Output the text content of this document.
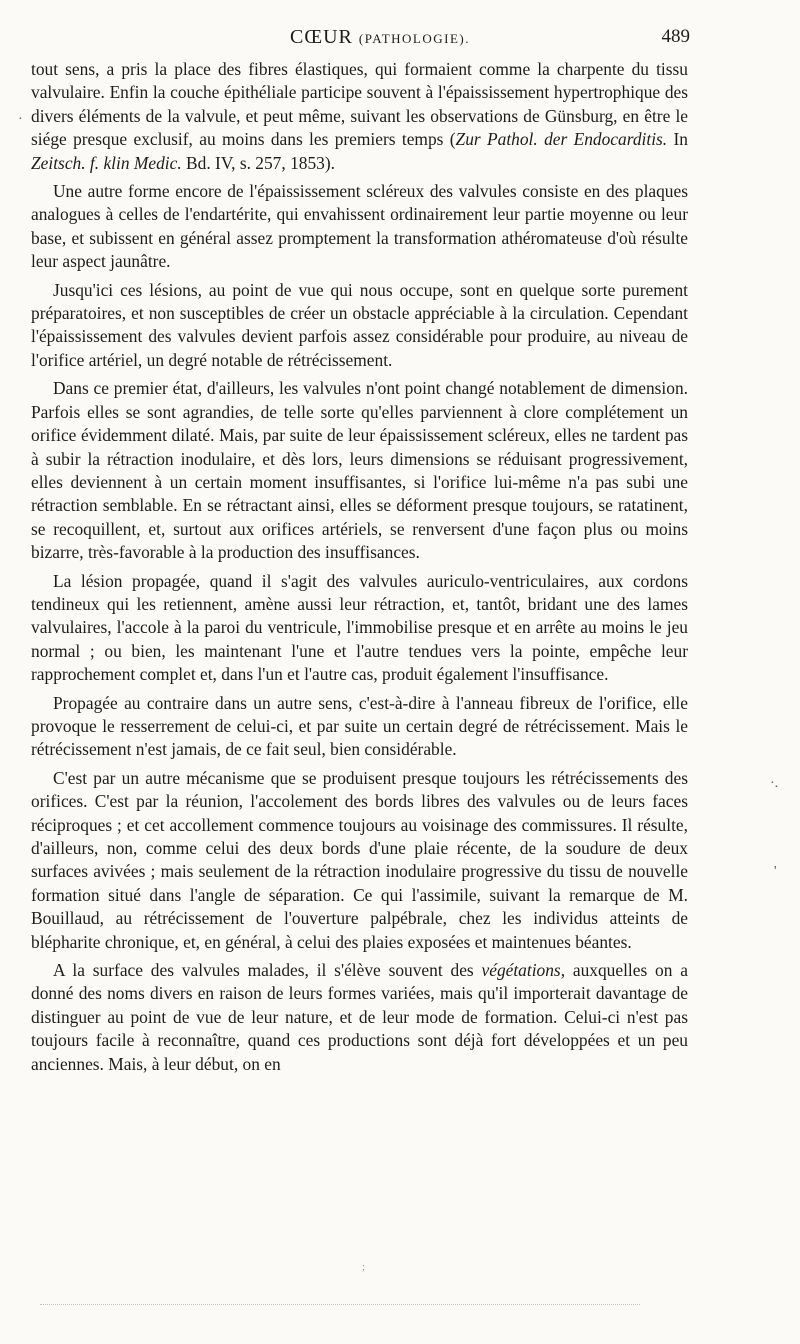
CŒUR (PATHOLOGIE).	489

tout sens, a pris la place des fibres élastiques, qui formaient comme la charpente du tissu valvulaire. Enfin la couche épithéliale participe souvent à l'épaississement hypertrophique des divers éléments de la valvule, et peut même, suivant les observations de Günsburg, en être le siége presque exclusif, au moins dans les premiers temps (Zur Pathol. der Endocarditis. In Zeitsch. f. klin Medic. Bd. IV, s. 257, 1853).

Une autre forme encore de l'épaississement scléreux des valvules consiste en des plaques analogues à celles de l'endartérite, qui envahissent ordinairement leur partie moyenne ou leur base, et subissent en général assez promptement la transformation athéromateuse d'où résulte leur aspect jaunâtre.

Jusqu'ici ces lésions, au point de vue qui nous occupe, sont en quelque sorte purement préparatoires, et non susceptibles de créer un obstacle appréciable à la circulation. Cependant l'épaississement des valvules devient parfois assez considérable pour produire, au niveau de l'orifice artériel, un degré notable de rétrécissement.

Dans ce premier état, d'ailleurs, les valvules n'ont point changé notablement de dimension. Parfois elles se sont agrandies, de telle sorte qu'elles parviennent à clore complétement un orifice évidemment dilaté. Mais, par suite de leur épaississement scléreux, elles ne tardent pas à subir la rétraction inodulaire, et dès lors, leurs dimensions se réduisant progressivement, elles deviennent à un certain moment insuffisantes, si l'orifice lui-même n'a pas subi une rétraction semblable. En se rétractant ainsi, elles se déforment presque toujours, se ratatinent, se recoquillent, et, surtout aux orifices artériels, se renversent d'une façon plus ou moins bizarre, très-favorable à la production des insuffisances.

La lésion propagée, quand il s'agit des valvules auriculo-ventriculaires, aux cordons tendineux qui les retiennent, amène aussi leur rétraction, et, tantôt, bridant une des lames valvulaires, l'accole à la paroi du ventricule, l'immobilise presque et en arrête au moins le jeu normal ; ou bien, les maintenant l'une et l'autre tendues vers la pointe, empêche leur rapprochement complet et, dans l'un et l'autre cas, produit également l'insuffisance.

Propagée au contraire dans un autre sens, c'est-à-dire à l'anneau fibreux de l'orifice, elle provoque le resserrement de celui-ci, et par suite un certain degré de rétrécissement. Mais le rétrécissement n'est jamais, de ce fait seul, bien considérable.

C'est par un autre mécanisme que se produisent presque toujours les rétrécissements des orifices. C'est par la réunion, l'accolement des bords libres des valvules ou de leurs faces réciproques ; et cet accollement commence toujours au voisinage des commissures. Il résulte, d'ailleurs, non, comme celui des deux bords d'une plaie récente, de la soudure de deux surfaces avivées ; mais seulement de la rétraction inodulaire progressive du tissu de nouvelle formation situé dans l'angle de séparation. Ce qui l'assimile, suivant la remarque de M. Bouillaud, au rétrécissement de l'ouverture palpébrale, chez les individus atteints de blépharite chronique, et, en général, à celui des plaies exposées et maintenues béantes.

A la surface des valvules malades, il s'élève souvent des végétations, auxquelles on a donné des noms divers en raison de leurs formes variées, mais qu'il importerait davantage de distinguer au point de vue de leur nature, et de leur mode de formation. Celui-ci n'est pas toujours facile à reconnaître, quand ces productions sont déjà fort développées et un peu anciennes. Mais, à leur début, on en

·
·.
'
;
